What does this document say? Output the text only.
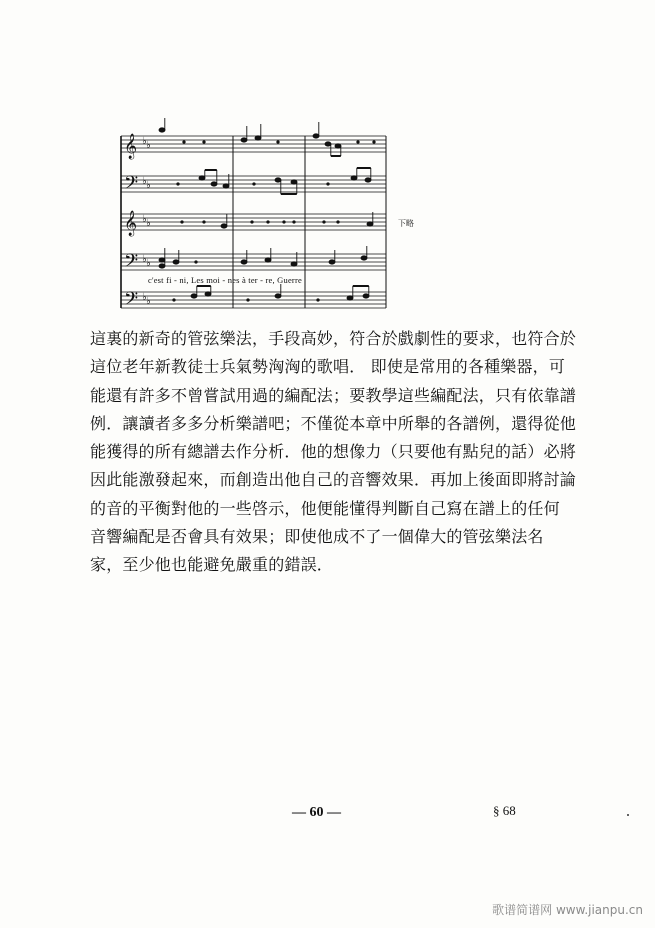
𝄞
𝄢
𝄞
𝄢
𝄢
♭ ♭
♭ ♭
♭ ♭
♭ ♭
♭ ♭
下略
c'est fi - ni, Les moi - nes à ter - re, Guerre
這裏的新奇的管弦樂法，手段高妙，符合於戲劇性的要求，也符合於
這位老年新教徒士兵氣勢洶洶的歌唱． 即使是常用的各種樂器，可
能還有許多不曾嘗試用過的編配法；要教學這些編配法，只有依靠譜
例．讓讀者多多分析樂譜吧；不僅從本章中所舉的各譜例，還得從他
能獲得的所有總譜去作分析．他的想像力（只要他有點兒的話）必將
因此能激發起來，而創造出他自己的音響效果．再加上後面即將討論
的音的平衡對他的一些啓示，他便能懂得判斷自己寫在譜上的任何
音響編配是否會具有效果；即使他成不了一個偉大的管弦樂法名
家，至少他也能避免嚴重的錯誤．
— 60 —	§ 68
歌谱简谱网 www.jianpu.cn
